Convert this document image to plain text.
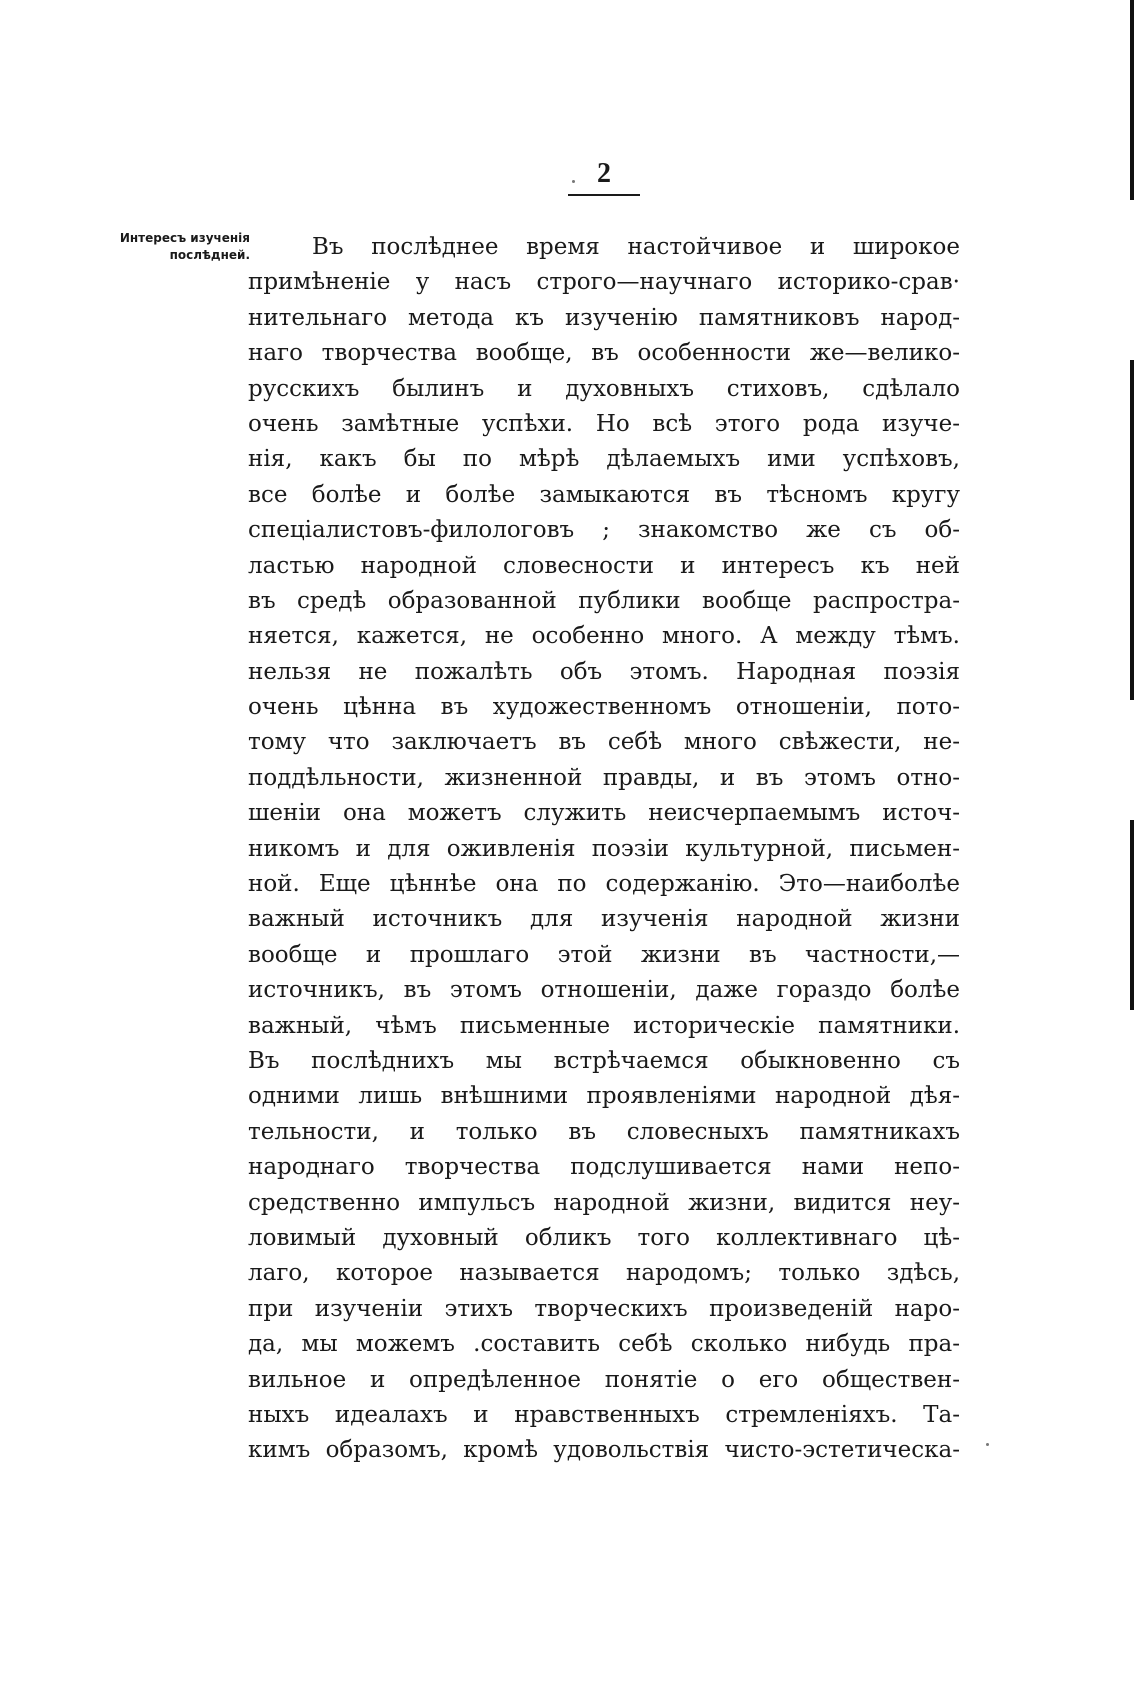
2
Интересъ изученія послѣдней.	Въ послѣднее время настойчивое и широкое
примѣненіе у насъ строго—научнаго историко-срав·
нительнаго метода къ изученію памятниковъ народ-
наго творчества вообще, въ особенности же—велико-
русскихъ былинъ и духовныхъ стиховъ, сдѣлало
очень замѣтные успѣхи. Но всѣ этого рода изуче-
нія, какъ бы по мѣрѣ дѣлаемыхъ ими успѣховъ,
все болѣе и болѣе замыкаются въ тѣсномъ кругу
спеціалистовъ-филологовъ ; знакомство же съ об-
ластью народной словесности и интересъ къ ней
въ средѣ образованной публики вообще распростра-
няется, кажется, не особенно много. А между тѣмъ.
нельзя не пожалѣть объ этомъ. Народная поэзія
очень цѣнна въ художественномъ отношеніи, пото-
тому что заключаетъ въ себѣ много свѣжести, не-
поддѣльности, жизненной правды, и въ этомъ отно-
шеніи она можетъ служить неисчерпаемымъ источ-
никомъ и для оживленія поэзіи культурной, письмен-
ной. Еще цѣннѣе она по содержанію. Это—наиболѣе
важный источникъ для изученія народной жизни
вообще и прошлаго этой жизни въ частности,—
источникъ, въ этомъ отношеніи, даже гораздо болѣе
важный, чѣмъ письменные историческіе памятники.
Въ послѣднихъ мы встрѣчаемся обыкновенно съ
одними лишь внѣшними проявленіями народной дѣя-
тельности, и только въ словесныхъ памятникахъ
народнаго творчества подслушивается нами непо-
средственно импульсъ народной жизни, видится неу-
ловимый духовный обликъ того коллективнаго цѣ-
лаго, которое называется народомъ; только здѣсь,
при изученіи этихъ творческихъ произведеній наро-
да, мы можемъ .составить себѣ сколько нибудь пра-
вильное и опредѣленное понятіе о его обществен-
ныхъ идеалахъ и нравственныхъ стремленіяхъ. Та-
кимъ образомъ, кромѣ удовольствія чисто-эстетическа-
